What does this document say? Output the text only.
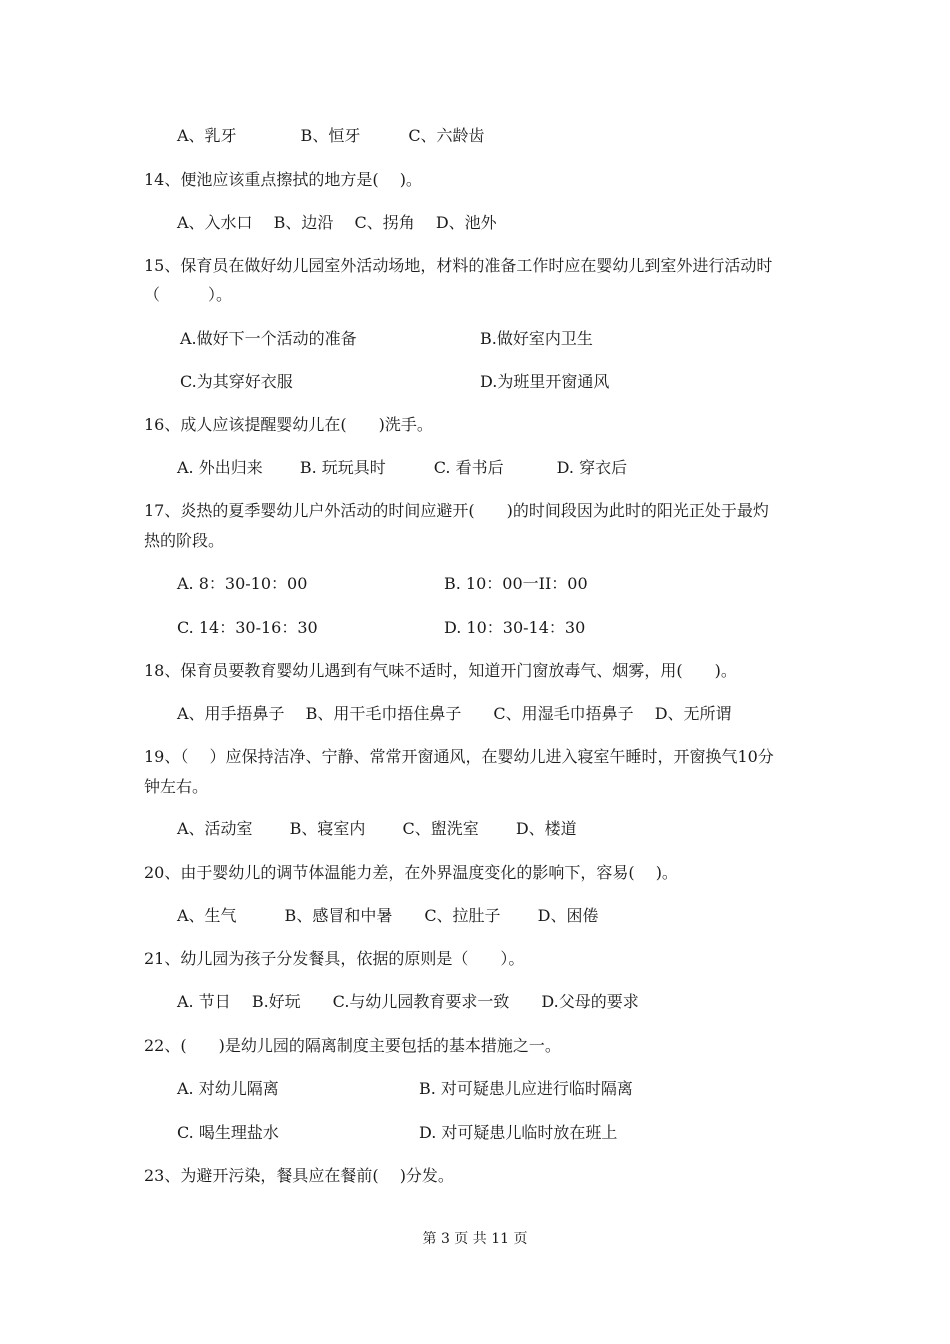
A、乳牙　　　　B、恒牙　　　C、六龄齿
14、便池应该重点擦拭的地方是(　 )。
A、入水口　 B、边沿　 C、拐角　 D、池外
15、保育员在做好幼儿园室外活动场地，材料的准备工作时应在婴幼儿到室外进行活动时
（　　　）。
A.做好下一个活动的准备	B.做好室内卫生
C.为其穿好衣服	D.为班里开窗通风
16、成人应该提醒婴幼儿在(　　)洗手。
A. 外出归来　　 B. 玩玩具时　　　C. 看书后　　　 D. 穿衣后
17、炎热的夏季婴幼儿户外活动的时间应避开(　　)的时间段因为此时的阳光正处于最灼
热的阶段。
A. 8：30-10：00	B. 10：00一II：00
C. 14：30-16：30	D. 10：30-14：30
18、保育员要教育婴幼儿遇到有气味不适时，知道开门窗放毒气、烟雾，用(　　)。
A、用手捂鼻子　 B、用干毛巾捂住鼻子　　C、用湿毛巾捂鼻子　 D、无所谓
19、（　 ）应保持洁净、宁静、常常开窗通风，在婴幼儿进入寝室午睡时，开窗换气10分
钟左右。
A、活动室　　 B、寝室内　　 C、盥洗室　　 D、楼道
20、由于婴幼儿的调节体温能力差，在外界温度变化的影响下，容易(　 )。
A、生气　　　B、感冒和中暑　　C、拉肚子　　 D、困倦
21、幼儿园为孩子分发餐具，依据的原则是（　　）。
A. 节日　 B.好玩　　C.与幼儿园教育要求一致　　D.父母的要求
22、(　　)是幼儿园的隔离制度主要包括的基本措施之一。
A. 对幼儿隔离	B. 对可疑患儿应进行临时隔离
C. 喝生理盐水	D. 对可疑患儿临时放在班上
23、为避开污染，餐具应在餐前(　 )分发。
第 3 页 共 11 页
